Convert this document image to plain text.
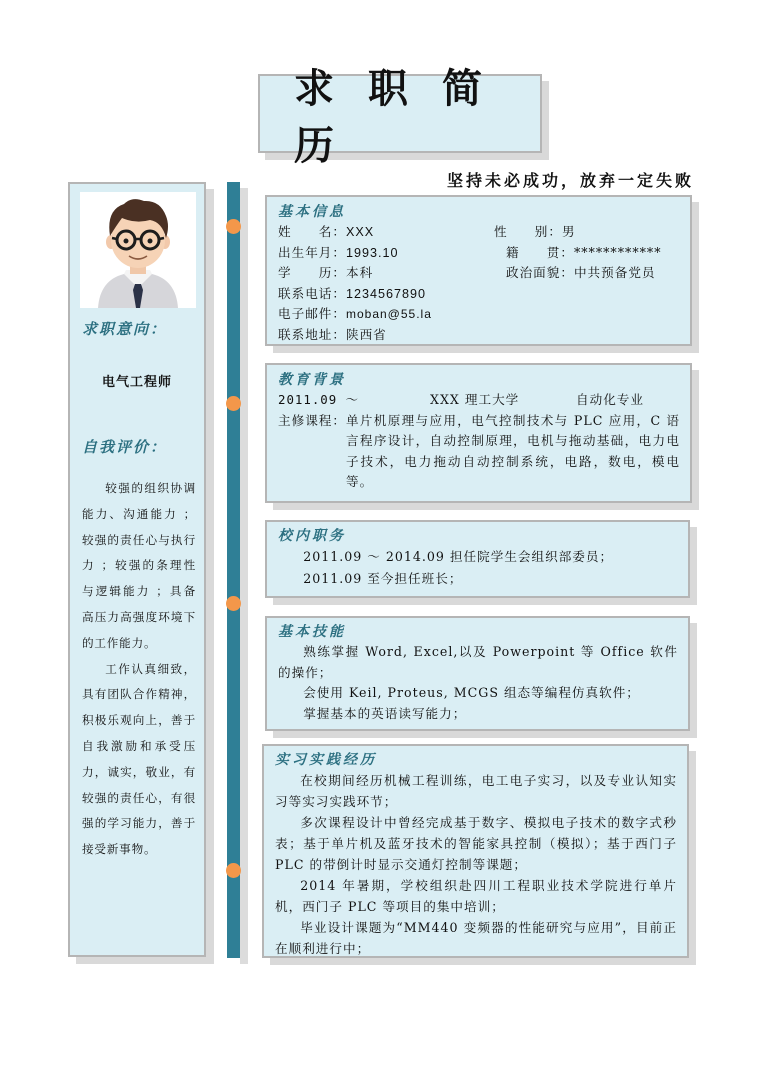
求职简历
坚持未必成功，放弃一定失败
求职意向：
电气工程师
自我评价：

较强的组织协调能力、沟通能力 ；较强的责任心与执行力 ；较强的条理性与逻辑能力 ；具备高压力高强度环境下的工作能力。

工作认真细致，具有团队合作精神，积极乐观向上，善于自我激励和承受压力，诚实，敬业，有较强的责任心，有很强的学习能力，善于接受新事物。

基本信息
姓　　名： XXX	性　　别： 男
出生年月： 1993.10	籍　　贯： ************
学　　历： 本科	政治面貌： 中共预备党员
联系电话： 1234567890
电子邮件： moban@55.la
联系地址： 陕西省
教育背景
2011.09 ～	XXX 理工大学	自动化专业
主修课程： 单片机原理与应用，电气控制技术与 PLC 应用，C 语言程序设计，自动控制原理，电机与拖动基础，电力电子技术，电力拖动自动控制系统，电路，数电，模电等。
校内职务
2011.09 ～ 2014.09 担任院学生会组织部委员；
2011.09 至今担任班长；
基本技能
熟练掌握 Word, Excel,以及 Powerpoint 等 Office 软件的操作；
会使用 Keil, Proteus, MCGS 组态等编程仿真软件；
掌握基本的英语读写能力；
实习实践经历
在校期间经历机械工程训练，电工电子实习，以及专业认知实习等实习实践环节；
多次课程设计中曾经完成基于数字、模拟电子技术的数字式秒表；基于单片机及蓝牙技术的智能家具控制（模拟）；基于西门子 PLC 的带倒计时显示交通灯控制等课题；
2014 年暑期，学校组织赴四川工程职业技术学院进行单片机，西门子 PLC 等项目的集中培训；
毕业设计课题为“MM440 变频器的性能研究与应用”，目前正在顺利进行中；
